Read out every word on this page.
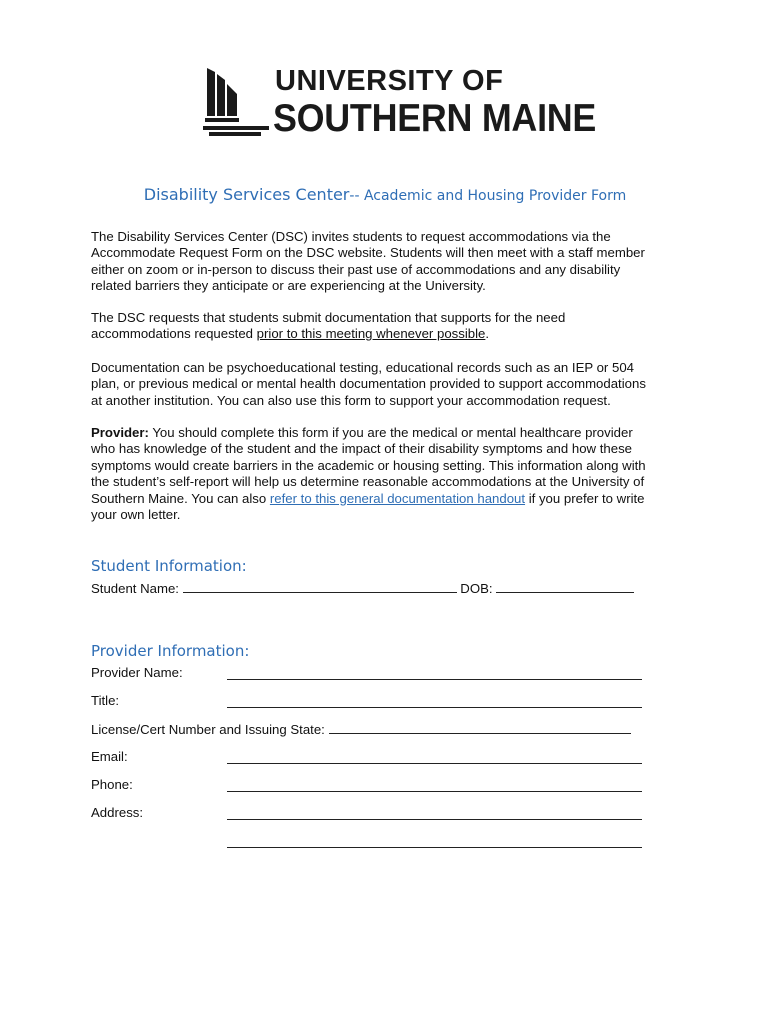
UNIVERSITY OF
SOUTHERN MAINE
Disability Services Center-- Academic and Housing Provider Form
The Disability Services Center (DSC) invites students to request accommodations via the
Accommodate Request Form on the DSC website. Students will then meet with a staff member
either on zoom or in-person to discuss their past use of accommodations and any disability
related barriers they anticipate or are experiencing at the University.
The DSC requests that students submit documentation that supports for the need
accommodations requested prior to this meeting whenever possible.
Documentation can be psychoeducational testing, educational records such as an IEP or 504
plan, or previous medical or mental health documentation provided to support accommodations
at another institution. You can also use this form to support your accommodation request.
Provider: You should complete this form if you are the medical or mental healthcare provider
who has knowledge of the student and the impact of their disability symptoms and how these
symptoms would create barriers in the academic or housing setting. This information along with
the student’s self-report will help us determine reasonable accommodations at the University of
Southern Maine. You can also refer to this general documentation handout if you prefer to write
your own letter.
Student Information:
Student Name:	DOB:
Provider Information:
Provider Name:
Title:
License/Cert Number and Issuing State:
Email:
Phone:
Address:
